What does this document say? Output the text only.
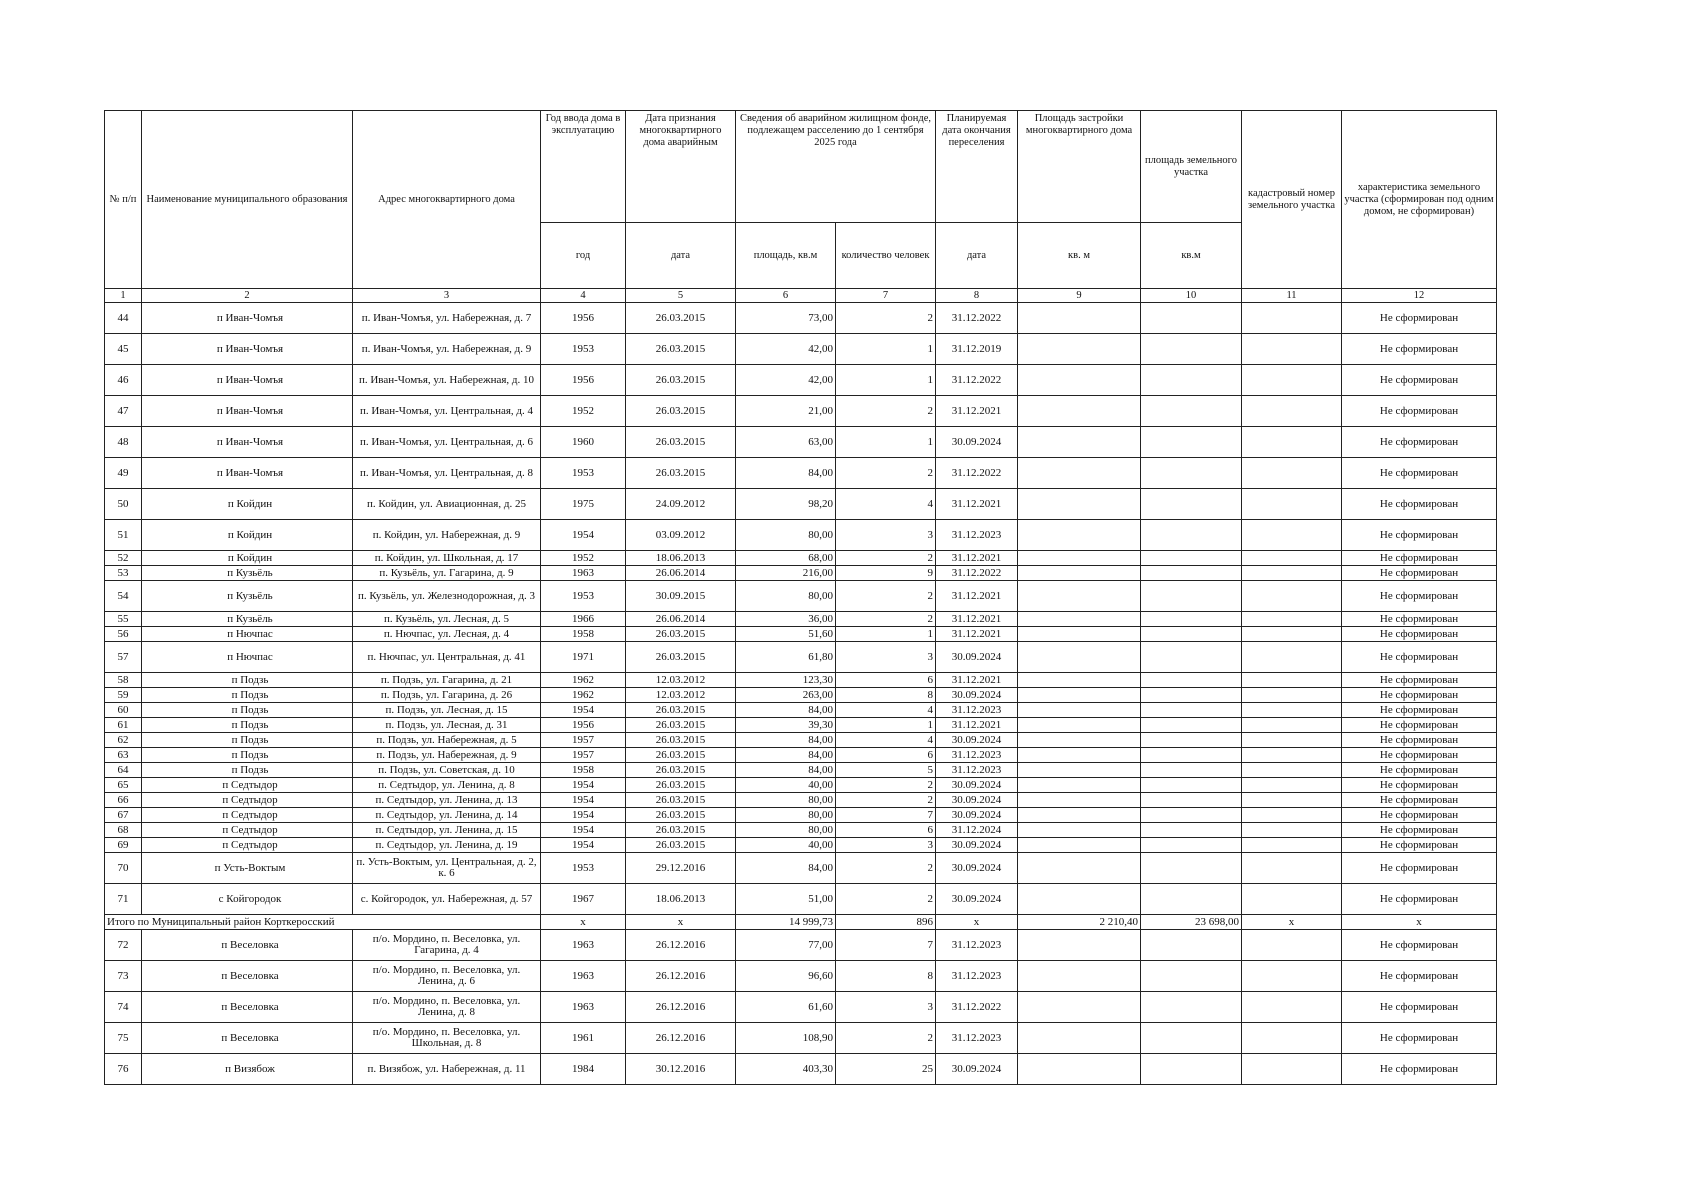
№ п/п	Наименование муниципального образования	Адрес многоквартирного дома	Год ввода дома в эксплуатацию	Дата признания многоквартирного дома аварийным	Сведения об аварийном жилищном фонде, подлежащем расселению до 1 сентября 2025 года		Планируемая дата окончания переселения	Площадь застройки многоквартирного дома	площадь земельного участка	кадастровый номер земельного участка	характеристика земельного участка (сформирован под одним домом, не сформирован)
			год	дата	площадь, кв.м	количество человек	дата	кв. м	кв.м		
1	2	3	4	5	6	7	8	9	10	11	12
44	п Иван-Чомъя	п. Иван-Чомъя, ул. Набережная, д. 7	1956	26.03.2015	73,00	2	31.12.2022				Не сформирован
45	п Иван-Чомъя	п. Иван-Чомъя, ул. Набережная, д. 9	1953	26.03.2015	42,00	1	31.12.2019				Не сформирован
46	п Иван-Чомъя	п. Иван-Чомъя, ул. Набережная, д. 10	1956	26.03.2015	42,00	1	31.12.2022				Не сформирован
47	п Иван-Чомъя	п. Иван-Чомъя, ул. Центральная, д. 4	1952	26.03.2015	21,00	2	31.12.2021				Не сформирован
48	п Иван-Чомъя	п. Иван-Чомъя, ул. Центральная, д. 6	1960	26.03.2015	63,00	1	30.09.2024				Не сформирован
49	п Иван-Чомъя	п. Иван-Чомъя, ул. Центральная, д. 8	1953	26.03.2015	84,00	2	31.12.2022				Не сформирован
50	п Койдин	п. Койдин, ул. Авиационная, д. 25	1975	24.09.2012	98,20	4	31.12.2021				Не сформирован
51	п Койдин	п. Койдин, ул. Набережная, д. 9	1954	03.09.2012	80,00	3	31.12.2023				Не сформирован
52	п Койдин	п. Койдин, ул. Школьная, д. 17	1952	18.06.2013	68,00	2	31.12.2021				Не сформирован
53	п Кузьёль	п. Кузьёль, ул. Гагарина, д. 9	1963	26.06.2014	216,00	9	31.12.2022				Не сформирован
54	п Кузьёль	п. Кузьёль, ул. Железнодорожная, д. 3	1953	30.09.2015	80,00	2	31.12.2021				Не сформирован
55	п Кузьёль	п. Кузьёль, ул. Лесная, д. 5	1966	26.06.2014	36,00	2	31.12.2021				Не сформирован
56	п Нючпас	п. Нючпас, ул. Лесная, д. 4	1958	26.03.2015	51,60	1	31.12.2021				Не сформирован
57	п Нючпас	п. Нючпас, ул. Центральная, д. 41	1971	26.03.2015	61,80	3	30.09.2024				Не сформирован
58	п Подзь	п. Подзь, ул. Гагарина, д. 21	1962	12.03.2012	123,30	6	31.12.2021				Не сформирован
59	п Подзь	п. Подзь, ул. Гагарина, д. 26	1962	12.03.2012	263,00	8	30.09.2024				Не сформирован
60	п Подзь	п. Подзь, ул. Лесная, д. 15	1954	26.03.2015	84,00	4	31.12.2023				Не сформирован
61	п Подзь	п. Подзь, ул. Лесная, д. 31	1956	26.03.2015	39,30	1	31.12.2021				Не сформирован
62	п Подзь	п. Подзь, ул. Набережная, д. 5	1957	26.03.2015	84,00	4	30.09.2024				Не сформирован
63	п Подзь	п. Подзь, ул. Набережная, д. 9	1957	26.03.2015	84,00	6	31.12.2023				Не сформирован
64	п Подзь	п. Подзь, ул. Советская, д. 10	1958	26.03.2015	84,00	5	31.12.2023				Не сформирован
65	п Седтыдор	п. Седтыдор, ул. Ленина, д. 8	1954	26.03.2015	40,00	2	30.09.2024				Не сформирован
66	п Седтыдор	п. Седтыдор, ул. Ленина, д. 13	1954	26.03.2015	80,00	2	30.09.2024				Не сформирован
67	п Седтыдор	п. Седтыдор, ул. Ленина, д. 14	1954	26.03.2015	80,00	7	30.09.2024				Не сформирован
68	п Седтыдор	п. Седтыдор, ул. Ленина, д. 15	1954	26.03.2015	80,00	6	31.12.2024				Не сформирован
69	п Седтыдор	п. Седтыдор, ул. Ленина, д. 19	1954	26.03.2015	40,00	3	30.09.2024				Не сформирован
70	п Усть-Воктым	п. Усть-Воктым, ул. Центральная, д. 2, к. 6	1953	29.12.2016	84,00	2	30.09.2024				Не сформирован
71	с Койгородок	с. Койгородок, ул. Набережная, д. 57	1967	18.06.2013	51,00	2	30.09.2024				Не сформирован
Итого по Муниципальный район Корткеросский			х	х	14 999,73	896	х	2 210,40	23 698,00	х	х
72	п Веселовка	п/о. Мордино, п. Веселовка, ул. Гагарина, д. 4	1963	26.12.2016	77,00	7	31.12.2023				Не сформирован
73	п Веселовка	п/о. Мордино, п. Веселовка, ул. Ленина, д. 6	1963	26.12.2016	96,60	8	31.12.2023				Не сформирован
74	п Веселовка	п/о. Мордино, п. Веселовка, ул. Ленина, д. 8	1963	26.12.2016	61,60	3	31.12.2022				Не сформирован
75	п Веселовка	п/о. Мордино, п. Веселовка, ул. Школьная, д. 8	1961	26.12.2016	108,90	2	31.12.2023				Не сформирован
76	п Визябож	п. Визябож, ул. Набережная, д. 11	1984	30.12.2016	403,30	25	30.09.2024				Не сформирован
